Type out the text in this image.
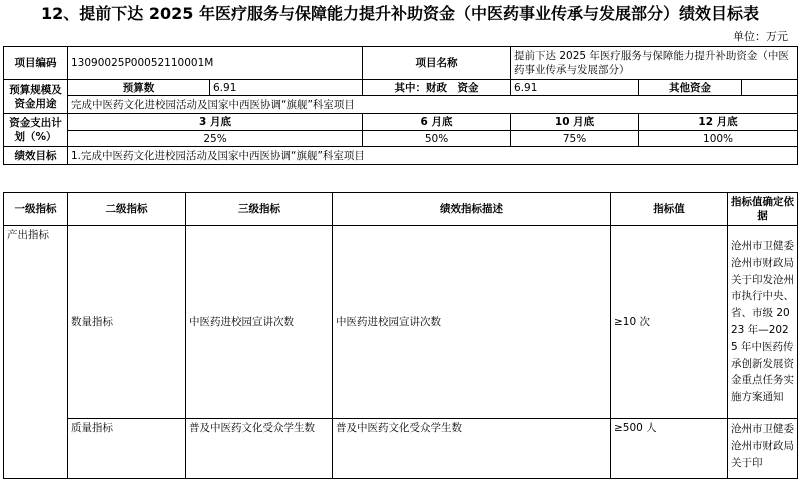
12、提前下达 2025 年医疗服务与保障能力提升补助资金（中医药事业传承与发展部分）绩效目标表
单位：万元
项目编码	13090025P00052110001M		项目名称	提前下达 2025 年医疗服务与保障能力提升补助资金（中医药事业传承与发展部分）		
预算规模及资金用途	预算数	6.91	其中：财政　资金	6.91	其他资金	
	完成中医药文化进校园活动及国家中西医协调“旗舰”科室项目					
资金支出计划（%）	3 月底		6 月底	10 月底	12 月底	
	25%		50%	75%	100%	
绩效目标	1.完成中医药文化进校园活动及国家中西医协调“旗舰”科室项目					
一级指标	二级指标	三级指标	绩效指标描述	指标值	指标值确定依据
产出指标	数量指标	中医药进校园宣讲次数	中医药进校园宣讲次数	≥10 次	沧州市卫健委沧州市财政局关于印发沧州市执行中央、省、市级 2023 年—2025 年中医药传承创新发展资金重点任务实施方案通知
	质量指标	普及中医药文化受众学生数	普及中医药文化受众学生数	≥500 人	沧州市卫健委沧州市财政局关于印
